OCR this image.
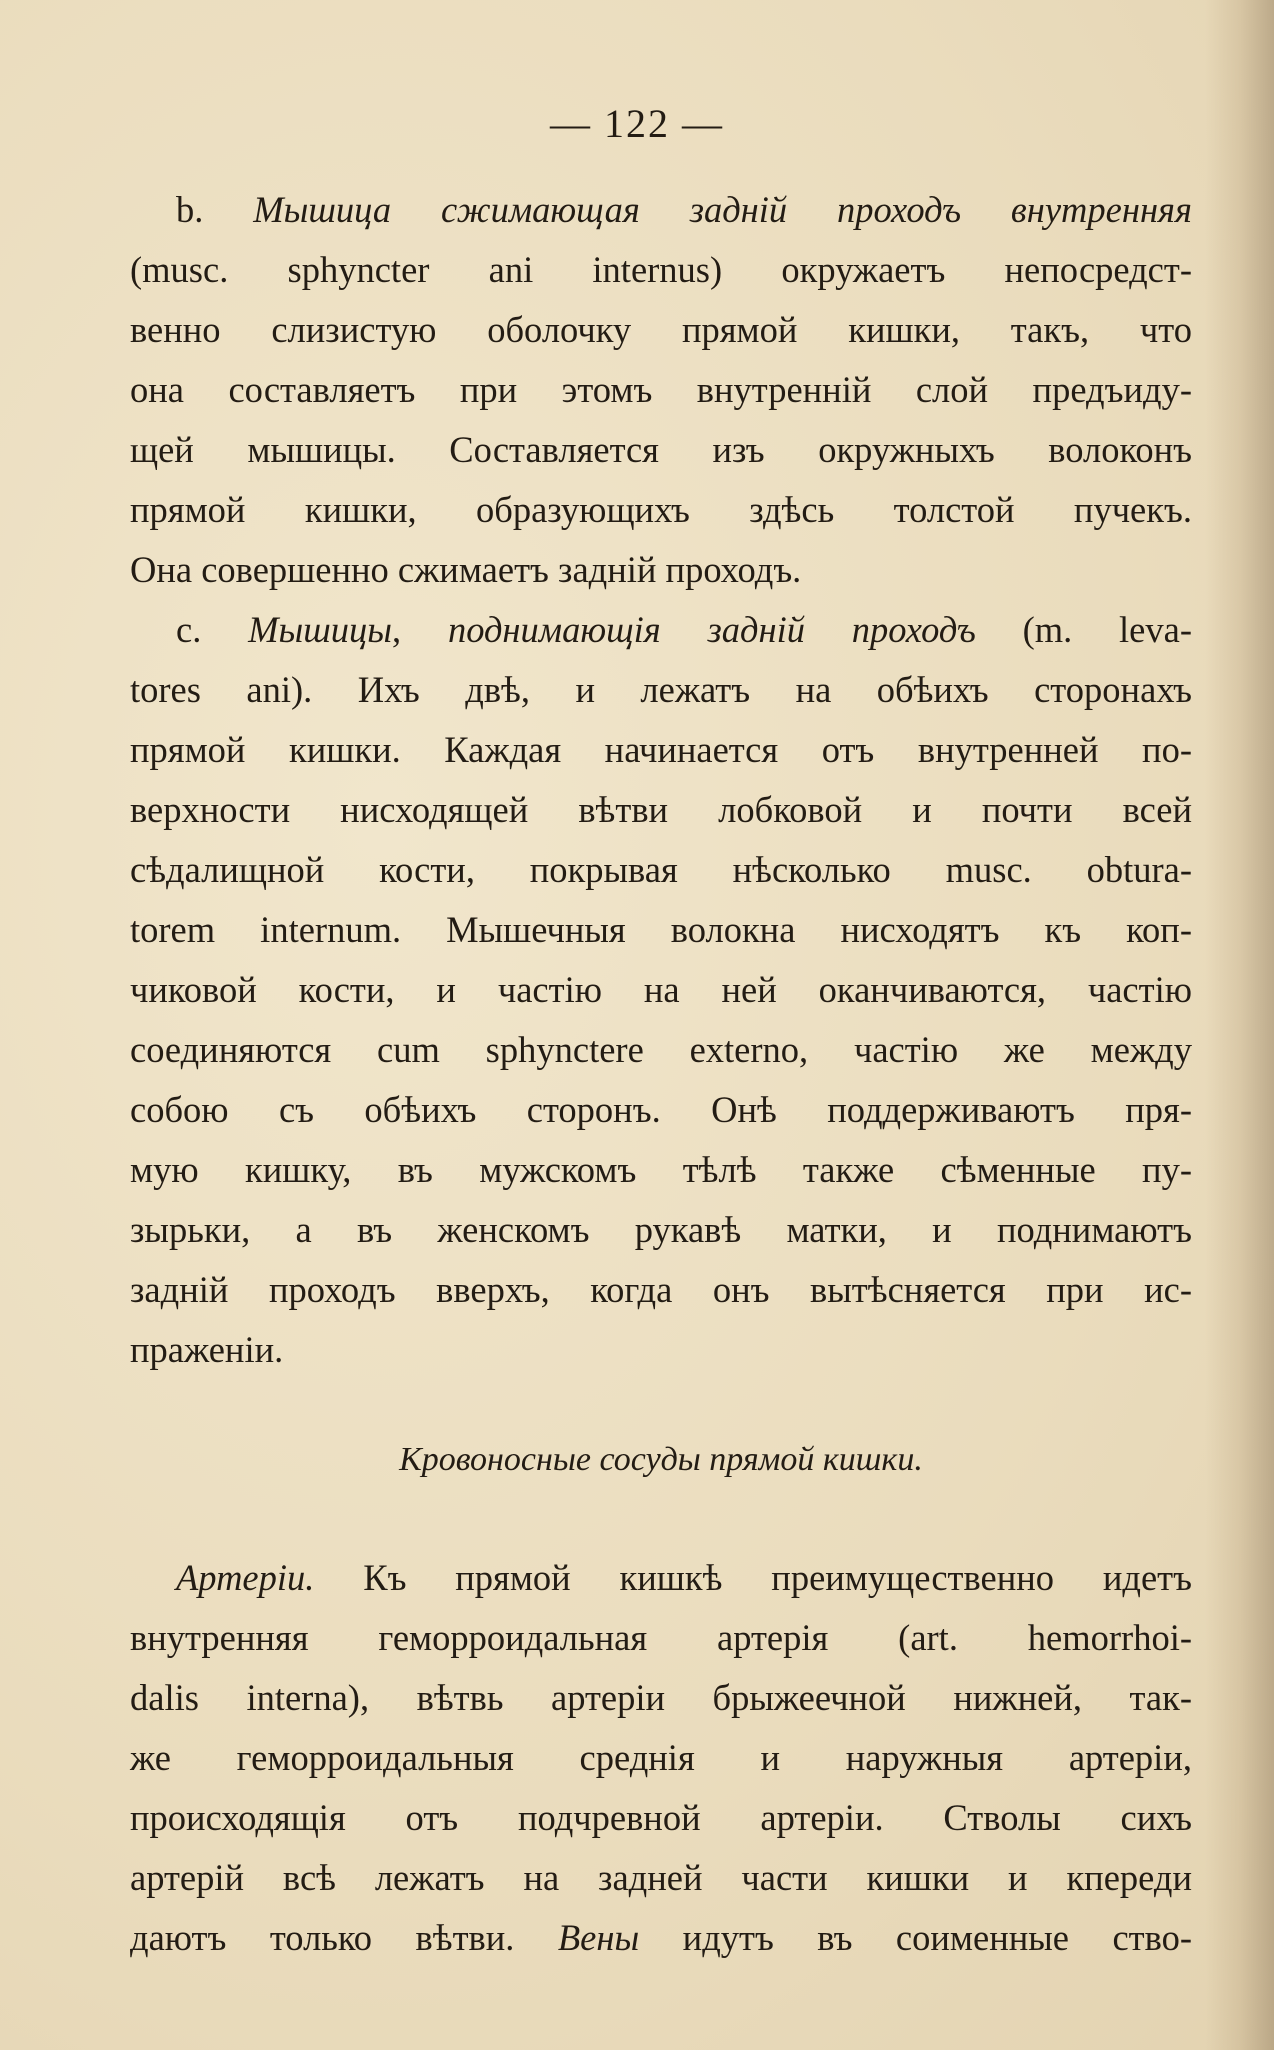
— 122 —
b. Мышица сжимающая задній проходъ внутренняя
(musc. sphyncter ani internus) окружаетъ непосредст-
венно слизистую оболочку прямой кишки, такъ, что
она составляетъ при этомъ внутренній слой предъиду-
щей мышицы. Составляется изъ окружныхъ волоконъ
прямой кишки, образующихъ здѣсь толстой пучекъ.
Она совершенно сжимаетъ задній проходъ.
c. Мышицы, поднимающія задній проходъ (m. leva-
tores ani). Ихъ двѣ, и лежатъ на обѣихъ сторонахъ
прямой кишки. Каждая начинается отъ внутренней по-
верхности нисходящей вѣтви лобковой и почти всей
сѣдалищной кости, покрывая нѣсколько musc. obtura-
torem internum. Мышечныя волокна нисходятъ къ коп-
чиковой кости, и частію на ней оканчиваются, частію
соединяются cum sphynctere externo, частію же между
собою съ обѣихъ сторонъ. Онѣ поддерживаютъ пря-
мую кишку, въ мужскомъ тѣлѣ также сѣменные пу-
зырьки, а въ женскомъ рукавѣ матки, и поднимаютъ
задній проходъ вверхъ, когда онъ вытѣсняется при ис-
праженіи.
Кровоносные сосуды прямой кишки.
Артеріи. Къ прямой кишкѣ преимущественно идетъ
внутренняя геморроидальная артерія (art. hemorrhoi-
dalis interna), вѣтвь артеріи брыжеечной нижней, так-
же геморроидальныя среднія и наружныя артеріи,
происходящія отъ подчревной артеріи. Стволы сихъ
артерій всѣ лежатъ на задней части кишки и кпереди
даютъ только вѣтви. Вены идутъ въ соименные ство-
